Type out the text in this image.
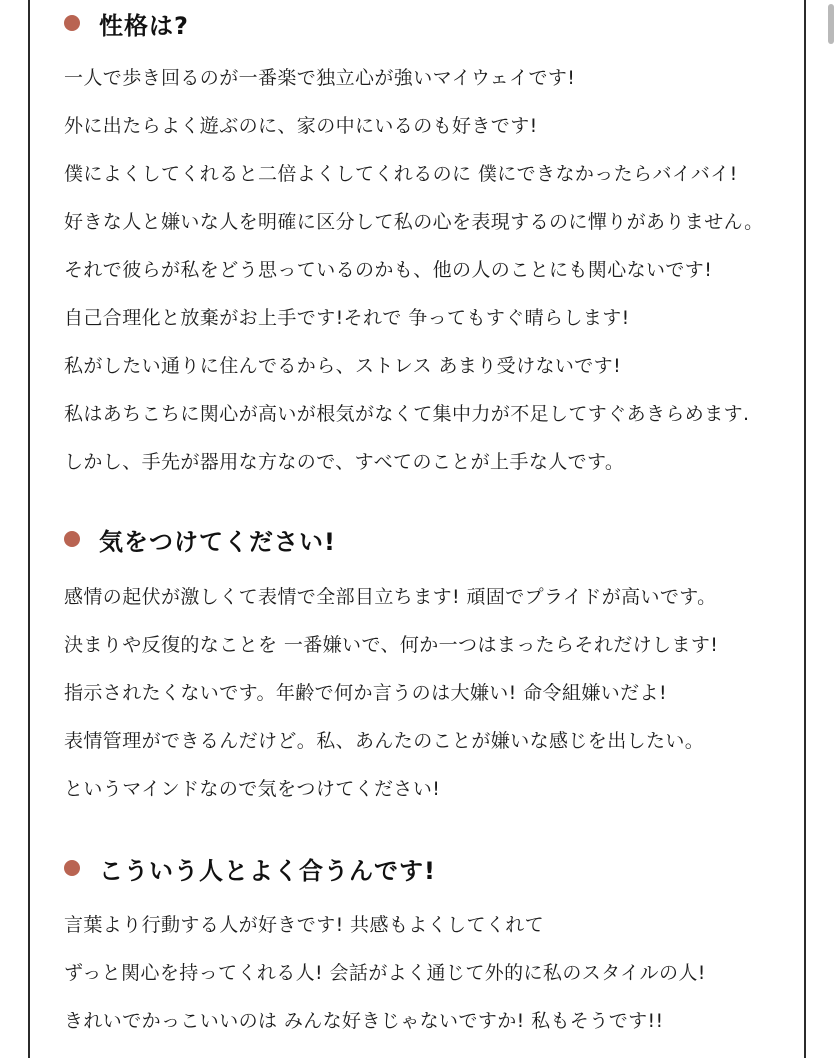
性格は?
一人で歩き回るのが一番楽で独立心が強いマイウェイです!
外に出たらよく遊ぶのに、家の中にいるのも好きです!
僕によくしてくれると二倍よくしてくれるのに 僕にできなかったらバイバイ!
好きな人と嫌いな人を明確に区分して私の心を表現するのに憚りがありません。
それで彼らが私をどう思っているのかも、他の人のことにも関心ないです!
自己合理化と放棄がお上手です!それで 争ってもすぐ晴らします!
私がしたい通りに住んでるから、ストレス あまり受けないです!
私はあちこちに関心が高いが根気がなくて集中力が不足してすぐあきらめます.
しかし、手先が器用な方なので、すべてのことが上手な人です。
気をつけてください!
感情の起伏が激しくて表情で全部目立ちます! 頑固でプライドが高いです。
決まりや反復的なことを 一番嫌いで、何か一つはまったらそれだけします!
指示されたくないです。年齢で何か言うのは大嫌い! 命令組嫌いだよ!
表情管理ができるんだけど。私、あんたのことが嫌いな感じを出したい。
というマインドなので気をつけてください!
こういう人とよく合うんです!
言葉より行動する人が好きです! 共感もよくしてくれて
ずっと関心を持ってくれる人! 会話がよく通じて外的に私のスタイルの人!
きれいでかっこいいのは みんな好きじゃないですか! 私もそうです!!
